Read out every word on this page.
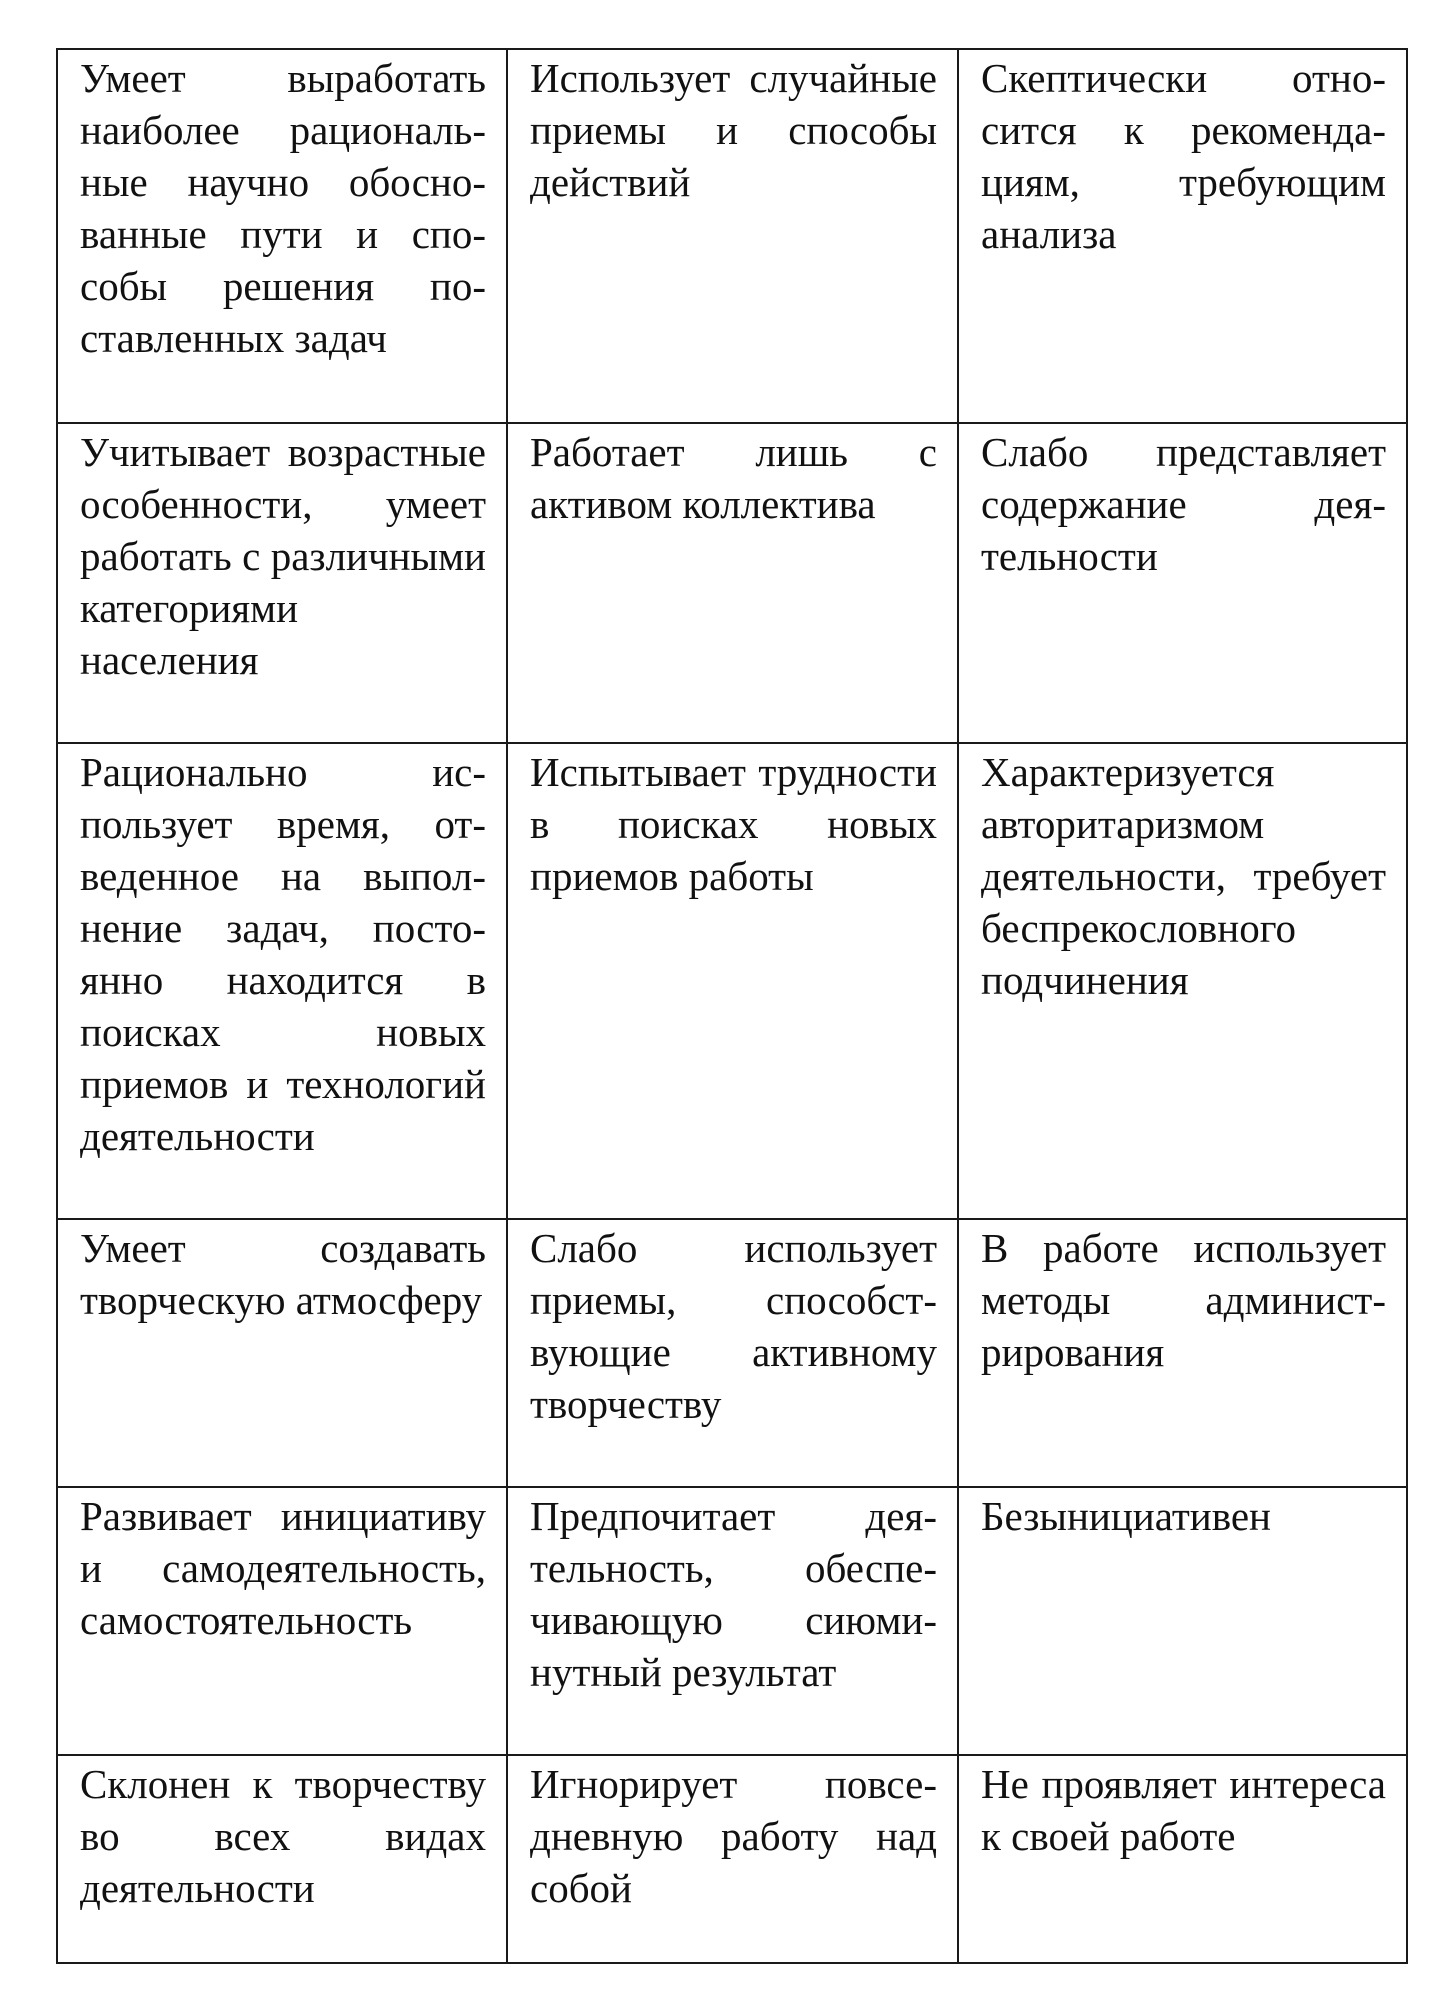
Умеет выработать наиболее рациональные научно обоснованные пути и способы решения поставленных задач	Использует случайные приемы и способы действий	Скептически относится к рекомендациям, требующим анализа
Учитывает возрастные особенности, умеет работать с различными категориями населения	Работает лишь с активом коллектива	Слабо представляет содержание деятельности
Рационально использует время, отведенное на выполнение задач, постоянно находится в поисках новых приемов и технологий деятельности	Испытывает трудности в поисках новых приемов работы	Характеризуется авторитаризмом деятельности, требует беспрекословного подчинения
Умеет создавать творческую атмосферу	Слабо использует приемы, способствующие активному творчеству	В работе использует методы администрирования
Развивает инициативу и самодеятельность, самостоятельность	Предпочитает деятельность, обеспечивающую сиюминутный результат	Безынициативен
Склонен к творчеству во всех видах деятельности	Игнорирует повседневную работу над собой	Не проявляет интереса к своей работе
